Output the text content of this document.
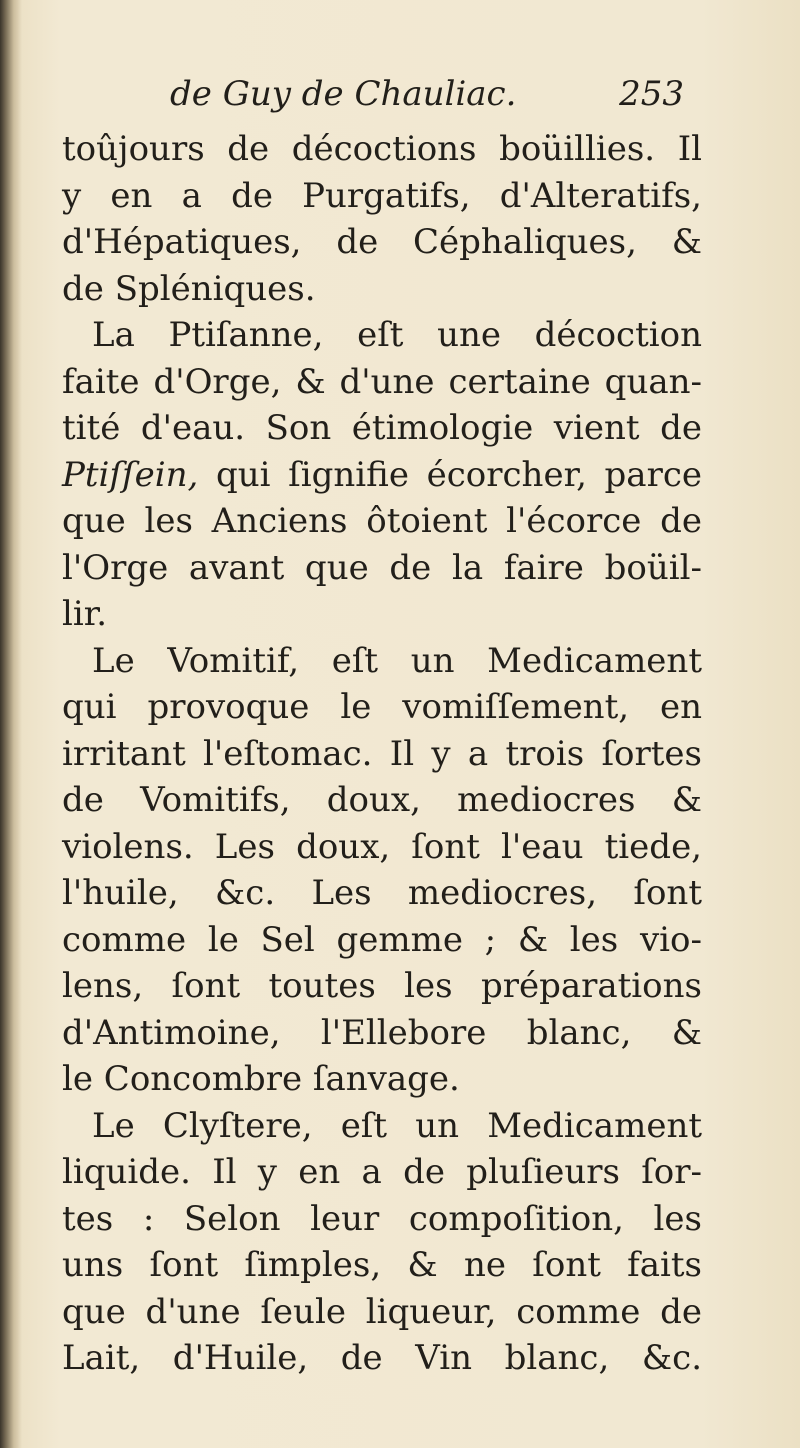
de Guy de Chauliac.	253
toûjours de décoctions boüillies. Il
y en a de Purgatifs, d'Alteratifs,
d'Hépatiques, de Céphaliques, &
de Spléniques.
La Ptiſanne, eſt une décoction
faite d'Orge, & d'une certaine quan-
tité d'eau. Son étimologie vient de
Ptiſſein, qui ſignifie écorcher, parce
que les Anciens ôtoient l'écorce de
l'Orge avant que de la faire boüil-
lir.
Le Vomitif, eſt un Medicament
qui provoque le vomiſſement, en
irritant l'eſtomac. Il y a trois ſortes
de Vomitifs, doux, mediocres &
violens. Les doux, ſont l'eau tiede,
l'huile, &c. Les mediocres, ſont
comme le Sel gemme ; & les vio-
lens, ſont toutes les préparations
d'Antimoine, l'Ellebore blanc, &
le Concombre ſanvage.
Le Clyſtere, eſt un Medicament
liquide. Il y en a de pluſieurs ſor-
tes : Selon leur compoſition, les
uns ſont ſimples, & ne ſont faits
que d'une ſeule liqueur, comme de
Lait, d'Huile, de Vin blanc, &c.
